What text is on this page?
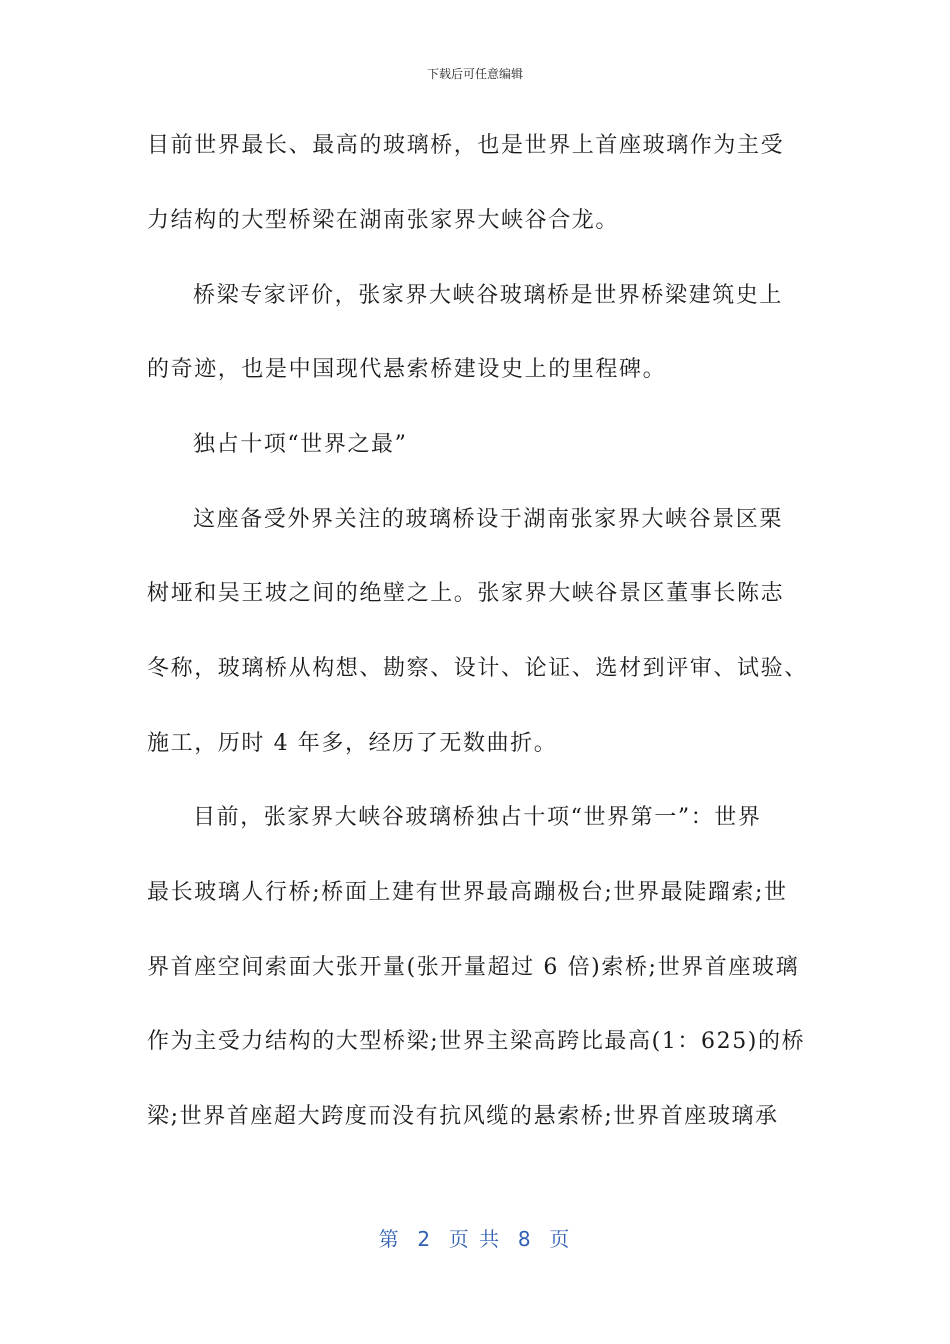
下载后可任意编辑
目前世界最长、最高的玻璃桥，也是世界上首座玻璃作为主受
力结构的大型桥梁在湖南张家界大峡谷合龙。
桥梁专家评价，张家界大峡谷玻璃桥是世界桥梁建筑史上
的奇迹，也是中国现代悬索桥建设史上的里程碑。
独占十项“世界之最”
这座备受外界关注的玻璃桥设于湖南张家界大峡谷景区栗
树垭和吴王坡之间的绝壁之上。张家界大峡谷景区董事长陈志
冬称，玻璃桥从构想、勘察、设计、论证、选材到评审、试验、
施工，历时 4 年多，经历了无数曲折。
目前，张家界大峡谷玻璃桥独占十项“世界第一”：世界
最长玻璃人行桥;桥面上建有世界最高蹦极台;世界最陡蹓索;世
界首座空间索面大张开量(张开量超过 6 倍)索桥;世界首座玻璃
作为主受力结构的大型桥梁;世界主梁高跨比最高(1：625)的桥
梁;世界首座超大跨度而没有抗风缆的悬索桥;世界首座玻璃承
第  2  页 共  8  页
